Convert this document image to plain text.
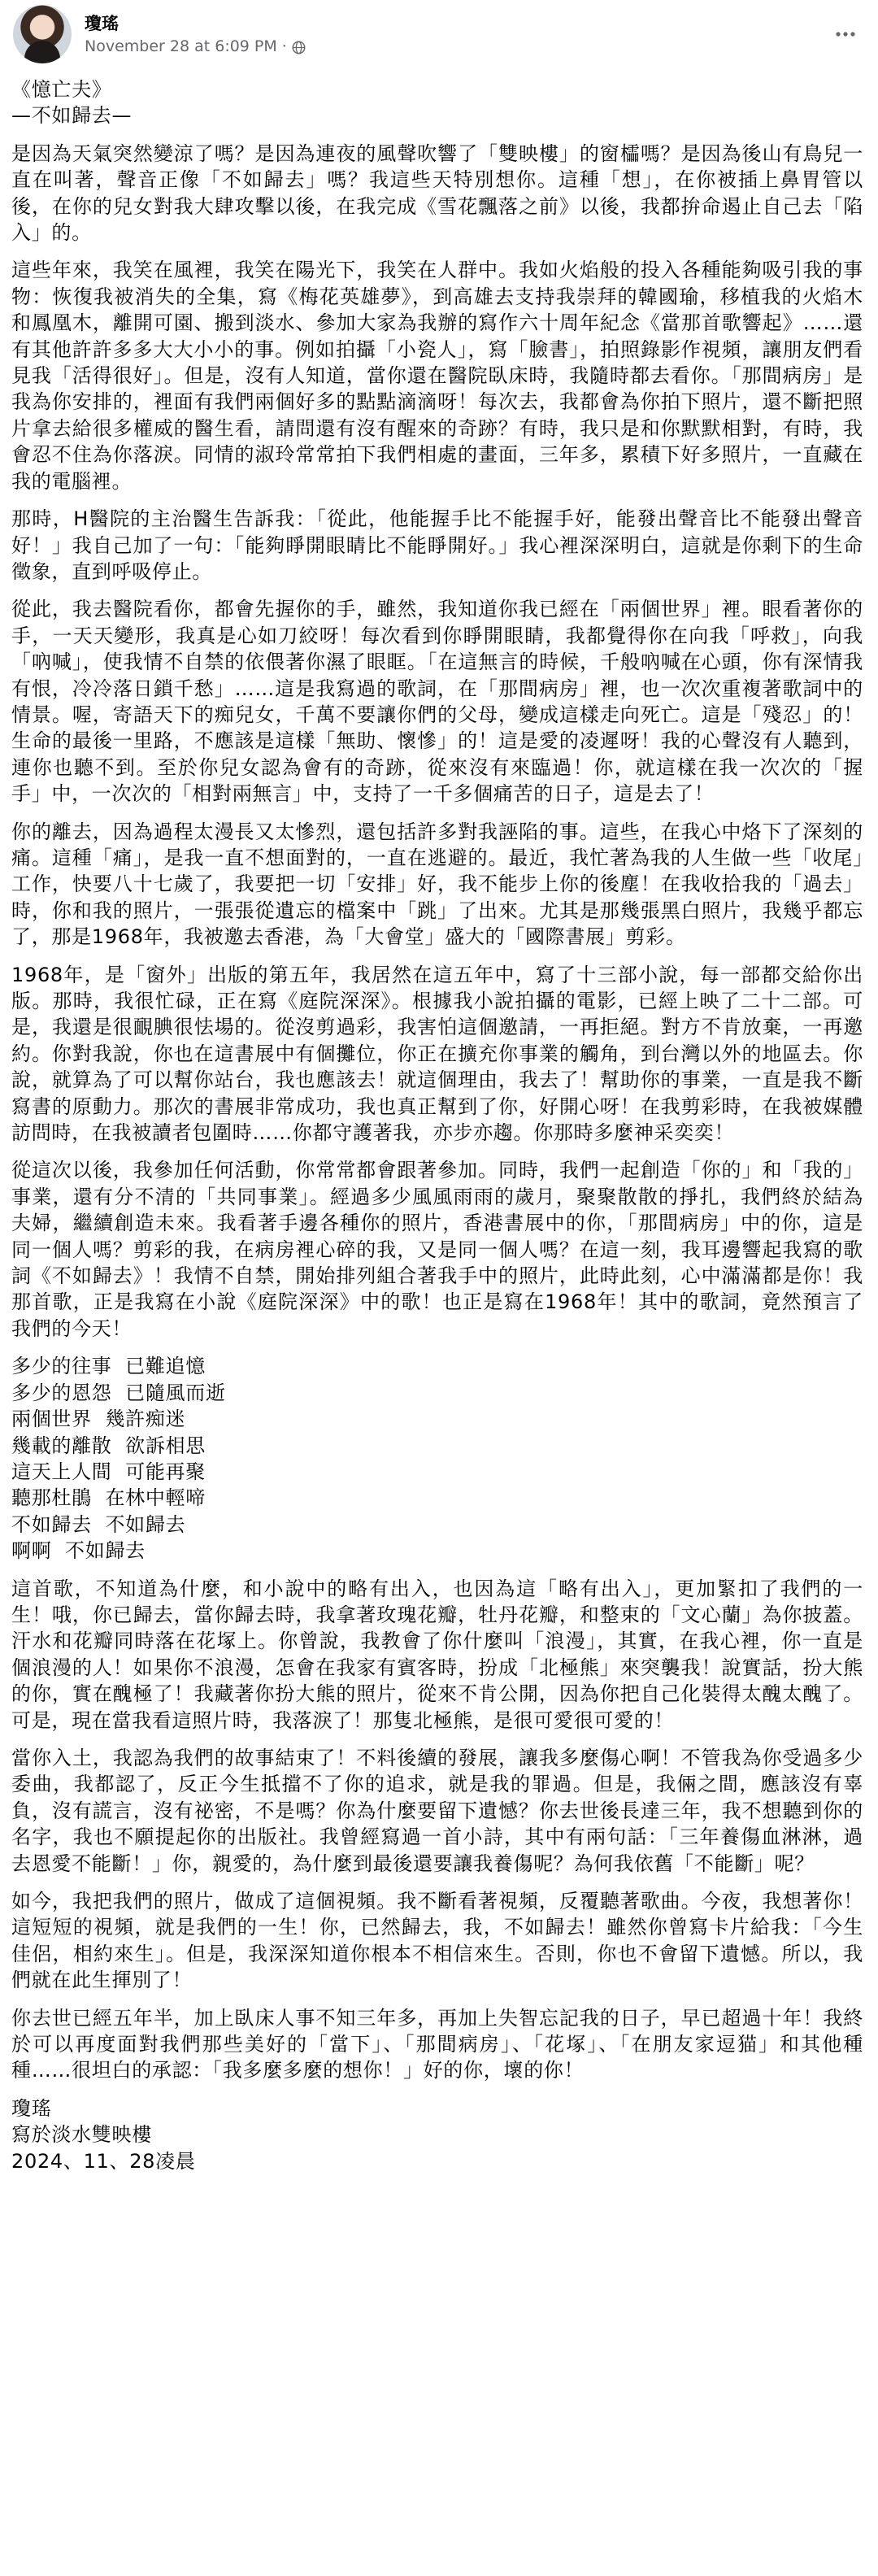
瓊瑤
November 28 at 6:09 PM ·
《憶亡夫》
—不如歸去—

是因為天氣突然變涼了嗎？是因為連夜的風聲吹響了「雙映樓」的窗櫺嗎？是因為後山有鳥兒一直在叫著，聲音正像「不如歸去」嗎？我這些天特別想你。這種「想」，在你被插上鼻胃管以後，在你的兒女對我大肆攻擊以後，在我完成《雪花飄落之前》以後，我都拚命遏止自己去「陷入」的。

這些年來，我笑在風裡，我笑在陽光下，我笑在人群中。我如火焰般的投入各種能夠吸引我的事物：恢復我被消失的全集，寫《梅花英雄夢》，到高雄去支持我崇拜的韓國瑜，移植我的火焰木和鳳凰木，離開可園、搬到淡水、參加大家為我辦的寫作六十周年紀念《當那首歌響起》……還有其他許許多多大大小小的事。例如拍攝「小瓷人」，寫「臉書」，拍照錄影作視頻，讓朋友們看見我「活得很好」。但是，沒有人知道，當你還在醫院臥床時，我隨時都去看你。「那間病房」是我為你安排的，裡面有我們兩個好多的點點滴滴呀！每次去，我都會為你拍下照片，還不斷把照片拿去給很多權威的醫生看，請問還有沒有醒來的奇跡？有時，我只是和你默默相對，有時，我會忍不住為你落淚。同情的淑玲常常拍下我們相處的畫面，三年多，累積下好多照片，一直藏在我的電腦裡。

那時，H醫院的主治醫生告訴我：「從此，他能握手比不能握手好，能發出聲音比不能發出聲音好！」我自己加了一句：「能夠睜開眼睛比不能睜開好。」我心裡深深明白，這就是你剩下的生命徵象，直到呼吸停止。

從此，我去醫院看你，都會先握你的手，雖然，我知道你我已經在「兩個世界」裡。眼看著你的手，一天天變形，我真是心如刀絞呀！每次看到你睜開眼睛，我都覺得你在向我「呼救」，向我「吶喊」，使我情不自禁的依偎著你濕了眼眶。「在這無言的時候，千般吶喊在心頭，你有深情我有恨，冷冷落日鎖千愁」……這是我寫過的歌詞，在「那間病房」裡，也一次次重複著歌詞中的情景。喔，寄語天下的痴兒女，千萬不要讓你們的父母，變成這樣走向死亡。這是「殘忍」的！生命的最後一里路，不應該是這樣「無助、懷慘」的！這是愛的凌遲呀！我的心聲沒有人聽到，連你也聽不到。至於你兒女認為會有的奇跡，從來沒有來臨過！你，就這樣在我一次次的「握手」中，一次次的「相對兩無言」中，支持了一千多個痛苦的日子，這是去了！

你的離去，因為過程太漫長又太慘烈，還包括許多對我誣陷的事。這些，在我心中烙下了深刻的痛。這種「痛」，是我一直不想面對的，一直在逃避的。最近，我忙著為我的人生做一些「收尾」工作，快要八十七歲了，我要把一切「安排」好，我不能步上你的後塵！在我收拾我的「過去」時，你和我的照片，一張張從遺忘的檔案中「跳」了出來。尤其是那幾張黑白照片，我幾乎都忘了，那是1968年，我被邀去香港，為「大會堂」盛大的「國際書展」剪彩。

1968年，是「窗外」出版的第五年，我居然在這五年中，寫了十三部小說，每一部都交給你出版。那時，我很忙碌，正在寫《庭院深深》。根據我小說拍攝的電影，已經上映了二十二部。可是，我還是很靦腆很怯場的。從沒剪過彩，我害怕這個邀請，一再拒絕。對方不肯放棄，一再邀約。你對我說，你也在這書展中有個攤位，你正在擴充你事業的觸角，到台灣以外的地區去。你說，就算為了可以幫你站台，我也應該去！就這個理由，我去了！幫助你的事業，一直是我不斷寫書的原動力。那次的書展非常成功，我也真正幫到了你，好開心呀！在我剪彩時，在我被媒體訪問時，在我被讀者包圍時……你都守護著我，亦步亦趨。你那時多麼神采奕奕！

從這次以後，我參加任何活動，你常常都會跟著參加。同時，我們一起創造「你的」和「我的」事業，還有分不清的「共同事業」。經過多少風風雨雨的歲月，聚聚散散的掙扎，我們終於結為夫婦，繼續創造未來。我看著手邊各種你的照片，香港書展中的你，「那間病房」中的你，這是同一個人嗎？剪彩的我，在病房裡心碎的我，又是同一個人嗎？在這一刻，我耳邊響起我寫的歌詞《不如歸去》！我情不自禁，開始排列組合著我手中的照片，此時此刻，心中滿滿都是你！我那首歌，正是我寫在小說《庭院深深》中的歌！也正是寫在1968年！其中的歌詞，竟然預言了我們的今天！

多少的往事  已難追憶
多少的恩怨  已隨風而逝
兩個世界  幾許痴迷
幾載的離散  欲訴相思
這天上人間  可能再聚
聽那杜鵑  在林中輕啼
不如歸去  不如歸去
啊啊  不如歸去

這首歌，不知道為什麼，和小說中的略有出入，也因為這「略有出入」，更加緊扣了我們的一生！哦，你已歸去，當你歸去時，我拿著玫瑰花瓣，牡丹花瓣，和整束的「文心蘭」為你披蓋。汗水和花瓣同時落在花塚上。你曾說，我教會了你什麼叫「浪漫」，其實，在我心裡，你一直是個浪漫的人！如果你不浪漫，怎會在我家有賓客時，扮成「北極熊」來突襲我！說實話，扮大熊的你，實在醜極了！我藏著你扮大熊的照片，從來不肯公開，因為你把自己化裝得太醜太醜了。可是，現在當我看這照片時，我落淚了！那隻北極熊，是很可愛很可愛的！

當你入土，我認為我們的故事結束了！不料後續的發展，讓我多麼傷心啊！不管我為你受過多少委曲，我都認了，反正今生抵擋不了你的追求，就是我的罪過。但是，我倆之間，應該沒有辜負，沒有謊言，沒有祕密，不是嗎？你為什麼要留下遺憾？你去世後長達三年，我不想聽到你的名字，我也不願提起你的出版社。我曾經寫過一首小詩，其中有兩句話：「三年養傷血淋淋，過去恩愛不能斷！」你，親愛的，為什麼到最後還要讓我養傷呢？為何我依舊「不能斷」呢？

如今，我把我們的照片，做成了這個視頻。我不斷看著視頻，反覆聽著歌曲。今夜，我想著你！這短短的視頻，就是我們的一生！你，已然歸去，我，不如歸去！雖然你曾寫卡片給我：「今生佳侶，相約來生」。但是，我深深知道你根本不相信來生。否則，你也不會留下遺憾。所以，我們就在此生揮別了！

你去世已經五年半，加上臥床人事不知三年多，再加上失智忘記我的日子，早已超過十年！我終於可以再度面對我們那些美好的「當下」、「那間病房」、「花塚」、「在朋友家逗猫」和其他種種……很坦白的承認：「我多麼多麼的想你！」好的你，壞的你！

瓊瑤
寫於淡水雙映樓
2024、11、28凌晨
